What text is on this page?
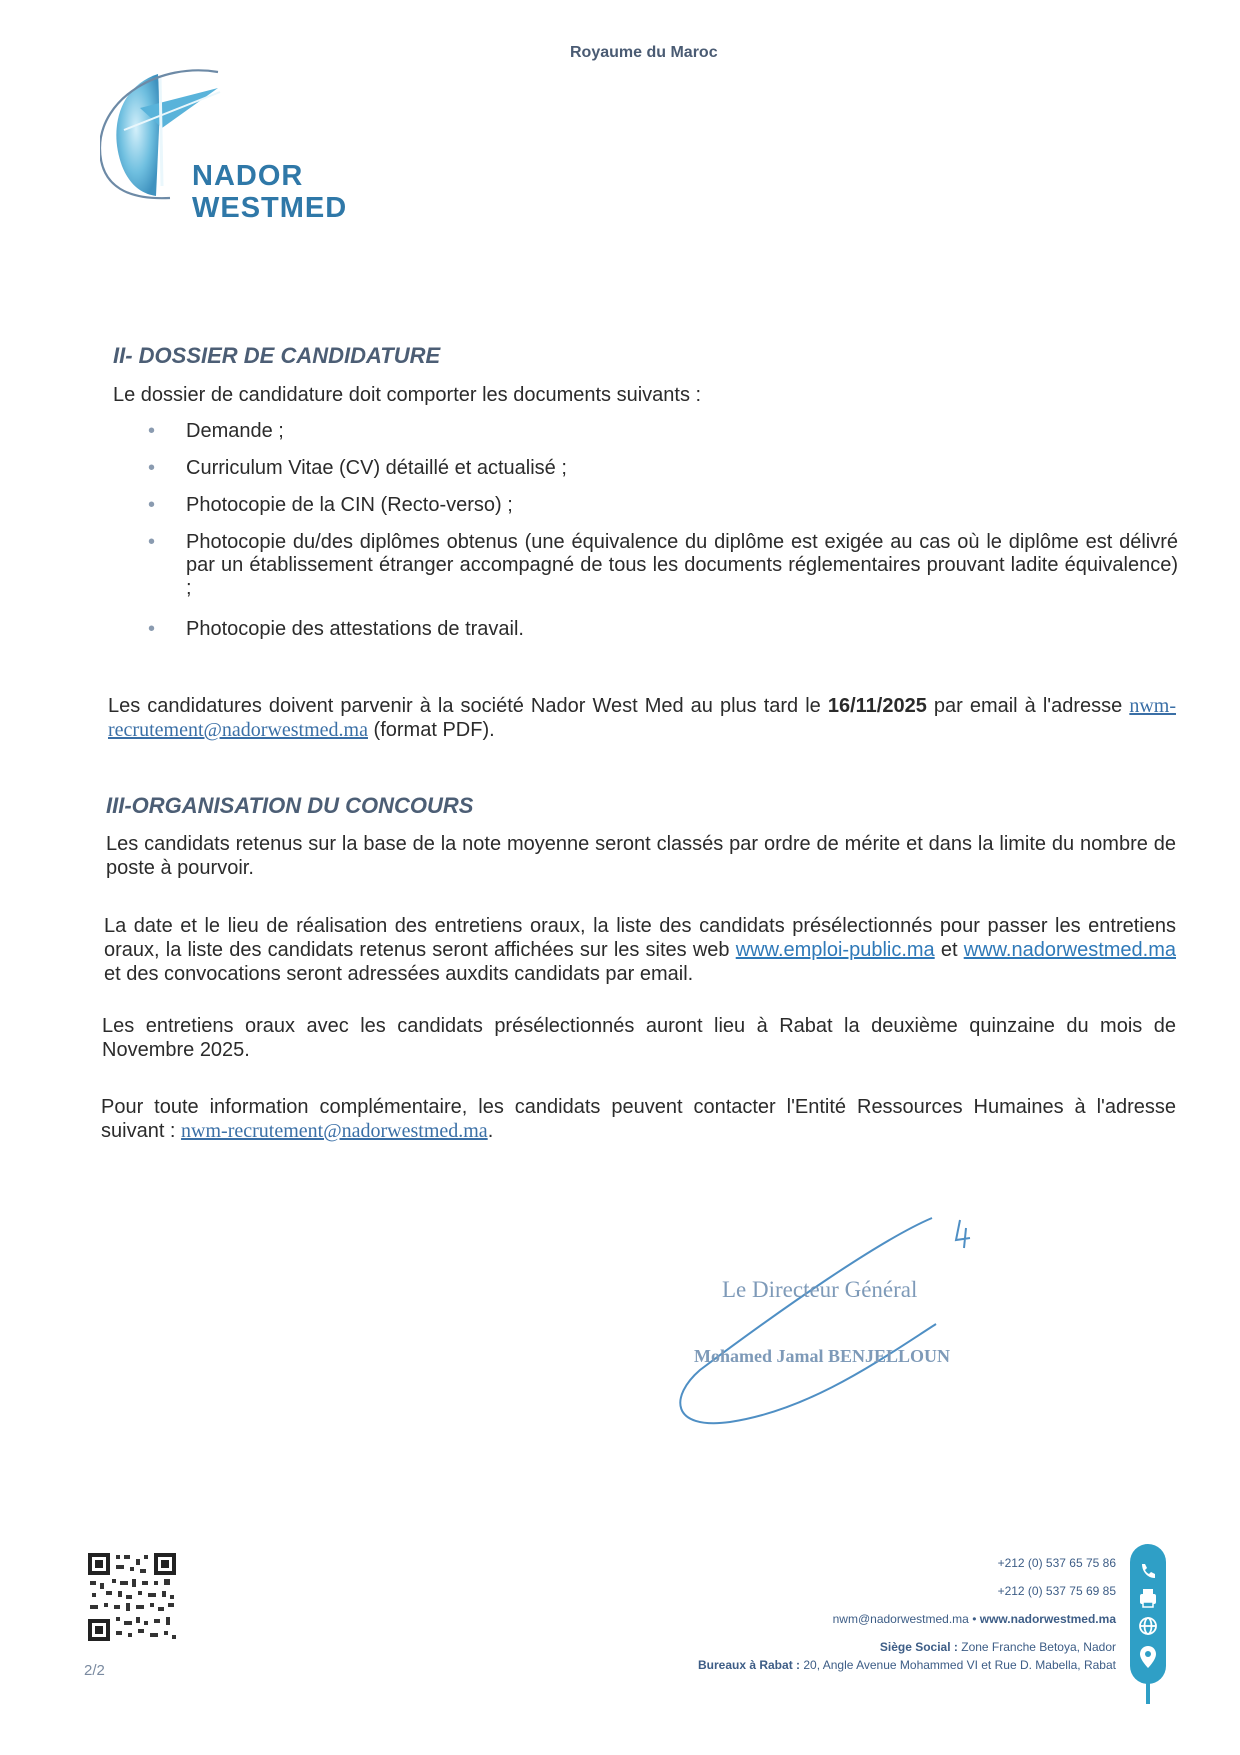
Royaume du Maroc
NADOR
WESTMED
II- DOSSIER DE CANDIDATURE
Le dossier de candidature doit comporter les documents suivants :
• Demande ;
• Curriculum Vitae (CV) détaillé et actualisé ;
• Photocopie de la CIN (Recto-verso) ;
• Photocopie du/des diplômes obtenus (une équivalence du diplôme est exigée au cas où le diplôme est délivré par un établissement étranger accompagné de tous les documents réglementaires prouvant ladite équivalence) ;
• Photocopie des attestations de travail.
Les candidatures doivent parvenir à la société Nador West Med au plus tard le 16/11/2025 par email à l'adresse nwm-recrutement@nadorwestmed.ma (format PDF).
III-ORGANISATION DU CONCOURS
Les candidats retenus sur la base de la note moyenne seront classés par ordre de mérite et dans la limite du nombre de poste à pourvoir.
La date et le lieu de réalisation des entretiens oraux, la liste des candidats présélectionnés pour passer les entretiens oraux, la liste des candidats retenus seront affichées sur les sites web www.emploi-public.ma et www.nadorwestmed.ma et des convocations seront adressées auxdits candidats par email.
Les entretiens oraux avec les candidats présélectionnés auront lieu à Rabat la deuxième quinzaine du mois de Novembre 2025.
Pour toute information complémentaire, les candidats peuvent contacter l'Entité Ressources Humaines à l'adresse suivant : nwm-recrutement@nadorwestmed.ma.
Le Directeur Général
Mohamed Jamal BENJELLOUN
2/2
+212 (0) 537 65 75 86
+212 (0) 537 75 69 85
nwm@nadorwestmed.ma • www.nadorwestmed.ma
Siège Social : Zone Franche Betoya, Nador
Bureaux à Rabat : 20, Angle Avenue Mohammed VI et Rue D. Mabella, Rabat
